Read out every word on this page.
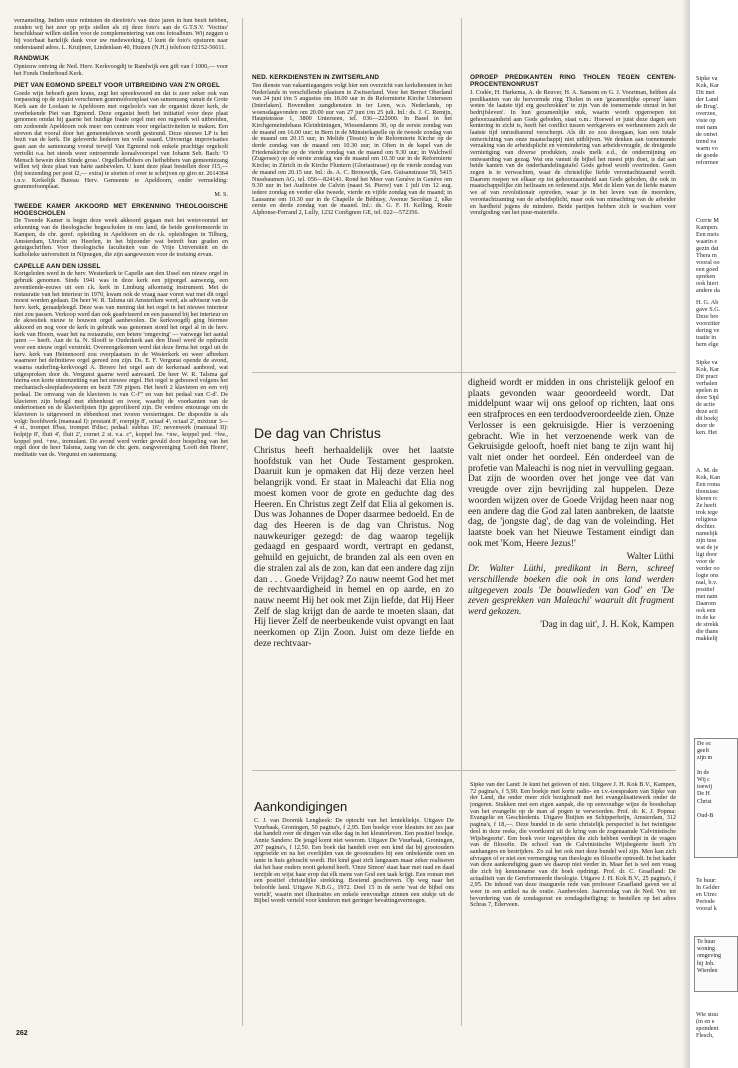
verzameling. Indien onze reünisten de diesfoto's van deze jaren in hun bezit hebben, zouden wij het zeer op prijs stellen als zij deze foto's aan de G.T.S.V. 'Voctius' beschikbaar willen stellen voor de complementering van ons fotoalbum. Wij zeggen u bij voorbaat hartelijk dank voor uw medewerking. U kunt de foto's opsturen naar onderstaand adres. L. Kruijmer, Lindenlaan 40, Huizen (N.H.) telefoon 02152-56611.

RANDWIJK

Opnieuw ontving de Ned. Herv. Kerkvoogdij te Randwijk een gift van f 1000,— voor het Fonds Onderhoud Kerk.

PIET VAN EGMOND SPEELT VOOR UITBREIDING VAN Z'N ORGEL

Goede wijn behoeft geen krans, zegt het spreekwoord en dat is zeer zeker ook van toepassing op de zojuist verschenen grammofoonplaat van samenzang vanuit de Grote Kerk aan de Loolaan te Apeldoorn met orgelsolo's van de organist dezer kerk, de overbekende Piet van Egmond. Deze organist heeft het initiatief voor deze plaat genomen omdat hij gaarne het huidige fraaie orgel met een rugwerk wil uitbreiden, om zodoende Apeldoorn ook meer een centrum voor orgelactiviteiten te maken. Een streven dat vooral door het gemeenteleven wordt gesteund. Deze nieuwe LP is het bezit van de kerk. De geleverde liederen ten volle waard. Uitvoerige improvisaties gaan aan de samenzang vooraf terwijl Van Egmond ook enkele prachtige orgelsoli vertolkt o.a. het steeds weer ontroerende koraalvoorspel van Johann Seb. Bach: 'O Mensch bewein dein Sünde gross'. Orgelliefhebbers en liefhebbers van gemeentezang willen wij deze plaat van harte aanbevelen. U kunt deze plaat bestellen door f15,— (bij toezending per post f2,— extra) te storten of over te schrijven op giro nr. 2614364 t.n.v. Kerkelijk Bureau Herv. Gemeente te Apeldoorn, onder vermelding: grammofoonplaat.

M. S.

TWEEDE KAMER AKKOORD MET ERKENNING THEOLOGISCHE HOGESCHOLEN

De Tweede Kamer is begin deze week akkoord gegaan met het wetsvoorstel ter erkenning van de theologische hogescholen in ons land, de beide gereformeerde in Kampen, de chr. geref. opleiding in Apeldoorn en de r.k. opleidingen in Tilburg, Amsterdam, Utrecht en Heerlen, in het bijzonder wat betreft hun graden en getuigschriften. Voor theologische faculteiten van de Vrije Universiteit en de katholieke universiteit in Nijmegen, die zijn aangewezen voor de toetsing ervan.

CAPELLE AAN DEN IJSSEL

Kortgeleden werd in de herv. Westerkerk te Capelle aan den IJssel een nieuw orgel in gebruik genomen. Sinds 1941 was in deze kerk een pijporgel aanwezig, een zeventiende-eeuws uit een r.k. kerk in Limburg afkomstig instrument. Met de restauratie van het interieur in 1970, kwam ook de vraag naar voren wat met dit orgel moest worden gedaan. De heer W. R. Talsma uit Amsterdam werd, als adviseur van de herv. kerk, geraadpleegd. Deze was van mening dat het orgel in het nieuwe interieur niet zou passen. Verkoop werd dan ook geadviseerd en een passend bij het interieur en de akoestiek nieuw te bouwen orgel aanbevolen. De kerkvoogdij ging hiermee akkoord en nog voor de kerk in gebruik was genomen stond het orgel al in de herv. kerk van Hoorn, waar het na restauratie, een betere 'omgeving' — vanwege het aantal jaren — heeft. Aan de fa. N. Slooff te Ouderkerk aan den IJssel werd de opdracht voor een nieuw orgel verstrekt. Overeengekomen werd dat deze firma het orgel uit de herv. kerk van Heinenoord zou overplaatsen in de Westerkerk en weer afbreken waarneer het definitieve orgel gereed zou zijn. Ds. E. F. Vergunst opende de avond, waarna ouderling-kerkvoogd A. Broere het orgel aan de kerkeraad aanbood, wat uitgesproken door ds. Vergunst gaarne werd aanvaard. De heer W. R. Talsma gaf hierna een korte uiteenzetting van het nieuwe orgel. Het orgel is gebouwd volgens het mechanisch-sleepladesysteem en bezit 739 pijpen. Het heeft 2 klavieren en een vrij pedaal. De omvang van de klavieren is van C-f''' en van het pedaal van C-d'. De klavieren zijn belegd met ebbenhout en ivoor, waarbij de voorkanten van de ondertoetsen en de klavierlijsten fijn geprofileerd zijn. De verdere entourage om de klavieren is uitgevoerd in ebbenhout met ivoren versieringen. De dispositie is als volgt: hoofdwerk (manuaal I): prestant 8', roerpijp 8', octaaf 4', octaaf 2', mixtuur 3—4 st., trompet 8'bas, trompet 8'disc; pedaal: subbas 16'; nevenwerk (manuaal II): holpijp 8', fluit 4', fluit 2', cornet 2 st. v.a. c°, koppel hw. +nw., koppel ped. +hw., koppel ped. +nw., tremulant. De avond werd verder gevuld door bespeling van het orgel door de heer Talsma, zang van de chr. gem. zangvereniging 'Looft den Heere', meditatie van ds. Vergunst en samenzang.

NED. KERKDIENSTEN IN ZWITSERLAND

Ten dienste van vakantiegangers volgt hier een overzicht van kerkdiensten in het Nederlands in verschillende plaatsen in Zwitserland. Voor het Berner Oberland van 24 juni t/m 5 augustus om 18.00 uur in de Reformierte Kirche Unterseen (Interlaken). Bovendien zangdiensten in ter Leen, w.o. Nederlands, op woensdagavonden om 20.00 uur van 27 juni t/m 25 juli. Inl.: ds. J. C. Remijn, Hauptstrasse 1, 3800 Unterseen, tel. 036—222000. In Basel in het Kirchgemeindehaus Kleinhüningen, Wiesendamm 30, op de eerste zondag van de maand om 16.00 uur; in Bern in de Münsterkapelle op de tweede zondag van de maand om 20.15 uur; in Melide (Tessin) in de Reformierte Kirche op de derde zondag van de maand om 10.30 uur; in Olten in de kapel van de Friedenskirche op de vierde zondag van de maand om 9.30 uur; in Walchwil (Zugersee) op de eerste zondag van de maand om 10.30 uur in de Reformierte Kirche; in Zürich in de Kirche Fluntern (Gloriastrasse) op de vierde zondag van de maand om 20.15 uur. Inl.: ds. A. C. Bronswijk, Gen. Guisanstrasse 59, 5415 Nussbaumen AG, tel. 056—824141. Rond het Meer van Genève in Genève om 9.30 uur in het Auditoire de Calvin (naast St. Pierre) van 1 juli t/m 12 aug. iedere zondag en verder elke tweede, vierde en vijfde zondag van de maand; in Lausanne om 10.30 uur in de Chapelle de Béthusy, Avenue Secrétan 2, elke eerste en derde zondag van de maand. Inl.: ds. G. F. H. Kelling, Route Alphonse-Ferrand 2, Lully, 1232 Confignon GE, tel. 022—572356.

OPROEP PREDIKANTEN RING THOLEN TEGEN CENTEN-PROCENTENONRUST

J. Codée, H. Harkema, A. de Reuver, H. A. Sansom en G. J. Voortman, hebben als predikanten van de hervormde ring Tholen in een 'gezamenlijke oproep' laten weten 'de laatste tijd erg geschrokken' te zijn 'van de toenemende onrust in het bedrijfsleven'. In hun gezamenlijke stuk, waarin wordt opgeroepen tot gehoorzaamheid aan Gods geboden, staat o.m.: Hoewel er juist deze dagen een kentering in zicht is, heeft het conflict tussen werkgevers en werknemers zich de laatste tijd onrustbarend verscherpt. Als dit zo zou doorgaan, kan een totale ontwrichting van onze maatschappij niet uitblijven. We denken aan toenemende verzaking van de arbeidsplicht en vermindering van arbeidsvreugde, de dreigende vernietiging van diverse produkten, zoals melk e.d., de ondermijning en ontwaarding van gezag. Wat ons vanuit de bijbel het meest pijn doet, is dat aan beide kanten van de onderhandelingstafel Gods gebod wordt overtreden. Geen zegen is te verwachten, waar de christelijke liefde verontachtzaamd wordt. Daarom roepen we elkaar op tot gehoorzaamheid aan Gods geboden, die ook in maatschappelijke zin heilzaam en ordenend zijn. Met de klem van de liefde manen we af van revolutionair optreden, waar je in het leven van de meerdere, verontachtzaming van de arbeidsplicht, maar ook van minachting van de arbeider en hardheid jegens de mindere. Beide partijen hebben zich te wachten voor verafgoding van het puur-materiële.

De dag van Christus

Christus heeft herhaaldelijk over het laatste hoofdstuk van het Oude Testament gesproken. Daaruit kun je opmaken dat Hij deze verzen heel belangrijk vond. Er staat in Maleachi dat Elia nog moest komen voor de grote en geduchte dag des Heeren. En Christus zegt Zelf dat Elia al gekomen is. Dus was Johannes de Doper daarmee bedoeld. En de dag des Heeren is de dag van Christus. Nog nauwkeuriger gezegd: de dag waarop tegelijk gedaagd en gespaard wordt, vertrapt en gedanst, gehuild en gejuicht, de branden zal als een oven en die stralen zal als de zon, kan dat een andere dag zijn dan . . . Goede Vrijdag? Zo nauw neemt God het met de rechtvaardigheid in hemel en op aarde, en zo nauw neemt Hij het ook met Zijn liefde, dat Hij Heer Zelf de slag krijgt dan de aarde te moeten slaan, dat Hij liever Zelf de neerbeukende vuist opvangt en laat neerkomen op Zijn Zoon. Juist om deze liefde en deze rechtvaar-

digheid wordt er midden in ons christelijk geloof en plaats gevonden waar geoordeeld wordt. Dat middelpunt waar wij ons geloof op richten, laat ons een strafproces en een terdoodveroordeelde zien. Onze Verlosser is een gekruisigde. Hier is verzoening gebracht. Wie in het verzoenende werk van de Gekruisigde gelooft, hoeft niet bang te zijn want hij valt niet onder het oordeel. Eén onderdeel van de profetie van Maleachi is nog niet in vervulling gegaan. Dat zijn de woorden over het jonge vee dat van vreugde over zijn bevrijding zal huppelen. Deze woorden wijzen over de Goede Vrijdag heen naar nog een andere dag die God zal laten aanbreken, de laatste dag, de 'jongste dag', de dag van de voleinding. Het laatste boek van het Nieuwe Testament eindigt dan ook met 'Kom, Heere Jezus!'

Walter Lüthi

Dr. Walter Lüthi, predikant in Bern, schreef verschillende boeken die ook in ons land werden uitgegeven zoals 'De bouwlieden van God' en 'De zeven gesprekken van Maleachi' waaruit dit fragment werd gekozen.

'Dag in dag uit', J. H. Kok, Kampen

Aankondigingen

C. J. van Doornik Lengkeek: De optocht van het lentekliekje. Uitgave De Vuurbaak, Groningen, 50 pagina's, f 2,95. Een boekje voor kleuters tot zes jaar dat handelt over de dingen van elke dag in het kleuterleven. Een positief boekje. Annie Sanders: De jeugd komt niet weerom. Uitgave De Vuurbaak, Groningen, 207 pagina's, f 12,50. Een boek dat handelt over een kind dat bij grootouders opgroeide en na het overlijden van de grootouders bij een onbekende oom en tante in huis gebracht wordt. Het kind gaat zich langzaam maar zeker realiseren dat het haar ouders nooit gekend heeft. 'Onze Simon' staat haar met raad en daad terzijde en wijst haar erop dat elk mens van God een taak krijgt. Een roman met een positief christelijke strekking. Boeiend geschreven. Op weg naar het beloofde land. Uitgave N.B.G., 1972. Deel 15 in de serie 'wat de bijbel ons vertelt', waarin met illustraties en enkele eenvoudige zinnen een stukje uit de Bijbel wordt verteld voor kinderen met geringer bevattingsvermogen.

Sipke van der Land: Je kunt het geloven of niet. Uitgave J. H. Kok B.V., Kampen, 72 pagina's, f 5,90. Een boekje met korte radio- en t.v.-toespraken van Sipke van der Land, die onder meer zich bezighoudt met het evangelisatiewerk onder de jongeren. Stukken met een eigen aanpak, die op eenvoudige wijze de boodschap van het evangelie op de man af pogen te verwoorden. Prof. dr. K. J. Popma: Evangelie en Geschiedenis. Uitgave Buijten en Schipperheijn, Amsterdam, 312 pagina's, f 18,—. Deze bundel in de serie christelijk perspectief is het twintigste deel in deze reeks, die voortkomt uit de kring van de zogenaamde 'Calvinistische Wijsbegeerte'. Een boek voor ingewijden die zich hebben verdiept in de vragen van de filosofie. De school van de Calvinistische Wijsbegeerte heeft z'n aanhangers en bestrijders. Zo zal het ook met deze bundel wel zijn. Men kan zich afvragen of er niet een vermenging van theologie en filosofie optreedt. In het kader van deze aankondiging gaan we daarop niet verder in. Maar het is wel een vraag die zich bij kennisname van dit boek opdringt. Prof. dr. C. Graafland: De actualiteit van de Gereformeerde theologie. Uitgave J. H. Kok B.V., 25 pagina's, f 2,95. De inhoud van deze inaugurele rede van professor Graafland gaven we al weer in een artikel na de oratie. Aanbevolen. Jaarverslag van de Ned. Ver. tot bevordering van de zondagsrust en zondagsheiliging: te bestellen op het adres Schras 7, Ederveen.

262
Sipke va
Kok, Kar
Dit met
der Land
de Brug'.
overzee,
visie op
met nam
de ontwi
trend va
warm vo
de goede
reformee
Corrie M
Kampen.
Een meis
waarin e
gezin dat
Thera m
vooral oo
een goed
spreken
ook hieri
andere da
H. G. Ab
gave S.G.
Deze bro
voorzitter
dering ve
tuatie in
hem elge
Sipke va
Kok, Kar
Dit pract
verhalen
spelen in
door Sipl
de actie
deze acti
dit boekj
door de
ken. Het
A. M. de
Kok, Kan
Een roma
thousiasc
kleren rc
Ze heeft
trok tege
religieus
dochter.
namelijk
zijn tuss
wat de je
ligt door
voor de
verder oo
logie ons
raal, b.v.
positief
met nam
Daarom
ook een
in de ke
de strekk
die thans
makkelij
De oc
geeft
zijn m

In de
Wij c
toewij
De H
Christ

Oud-B
Te huur:
In Gelder
en Utrec
Periode
vooraf k
Te huur
woning
omgeving
bij Joh.
Wierden
Wie stuu
(in en e
spondent
Flesch,
